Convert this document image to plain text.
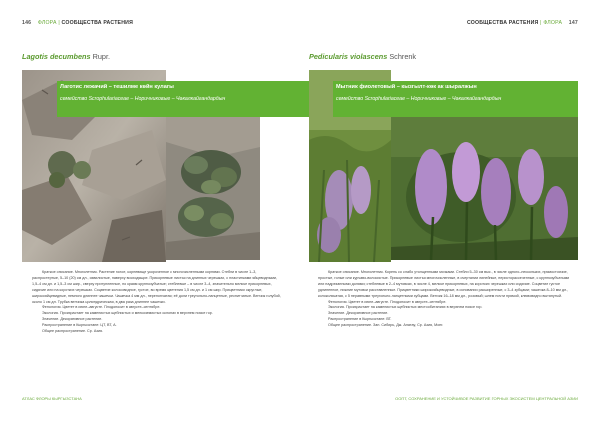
146 ФЛОРА | СООБЩЕСТВА РАСТЕНИЯ	СООБЩЕСТВА РАСТЕНИЯ | ФЛОРА 147
Lagotis decumbens Rupr.	Pedicularis violascens Schrenk
Лаготис лежачий – тешилме көйн кулагы
семейство Scrophulariaceae – Норичниковые – Чөкалкайгандардын
Мытник фиолетовый – кызгылт-көк ак шыралжын
семейство Scrophulariaceae – Норичниковые – Чөкалкайгандардын

Краткое описание. Многолетник. Растение голое, корневище укороченное с многочисленными корнями. Стебли в числе 1–3, распростертые, 5–10 (20) см дл., извилистые, наверху восходящие. Прикорневые листья на длинных черешках, с пластинками яйцевидными, 1,5–4 см дл. и 1,5–3 см шир., сверху притупленные, по краям крупнозубчатые; стеблевые – в числе 3–4, значительно мельче прикорневых, сидячие или на коротких черешках. Соцветие колосовидное, густое, во время цветения 1,5 см дл. и 1 см шир. Прицветники округлые, широкояйцевидные, немного длиннее чашечки. Чашечка 4 мм дл., перепончатая; её доли треугольно-ланцетные, реснитчатые. Венчик голубой, около 1 см дл. Трубка венчика цилиндрическая, в два раза длиннее чашечки.

Фенология. Цветет в июне–августе. Плодоносит в августе–сентябре.

Экология. Произрастает на каменистых щебнистых и мелкоземистых склонах в верхнем поясе гор.

Значение. Декоративное растение.

Распространение в Кыргызстане: ЦТ, ВТ, А.

Общее распространение. Ср. Азия.

Краткое описание. Многолетник. Корень со слабо утолщенными мочками. Стебли 5–30 см выс., в числе одного–нескольких, прямостоячие, простые, голые или курчаво-волосистые. Прикорневые листья многочисленные, в очертании линейные, перисторассеченные, с крупнозубчатыми или надрезанными долями; стеблевые в 2–4 мутовках, в числе 4, мельче прикорневых, на коротких черешках или сидячие. Соцветие густое удлиненное, нижние мутовки расставленные. Прицветники широкояйцевидные, в основании расширенные, с 3–4 зубцами; чашечка 8–10 мм дл., колокольчатая, с 5 неравными треугольно-ланцетными зубцами. Венчик 16–18 мм дл., розовый; шлем почти прямой, клювовидно вытянутый.

Фенология. Цветет в июне–августе. Плодоносит в августе–сентябре.

Экология. Произрастает на каменистых щебнистых местообитаниях в верхнем поясе гор.

Значение. Декоративное растение.

Распространение в Кыргызстане: ВТ.

Общее распространение. Зап. Сибирь, Дж. Алатау, Ср. Азия, Монг.

АТЛАС ФЛОРЫ КЫРГЫЗСТАНА	ООПТ, СОХРАНЕНИЕ И УСТОЙЧИВОЕ РАЗВИТИЕ ГОРНЫХ ЭКОСИСТЕМ ЦЕНТРАЛЬНОЙ АЗИИ
